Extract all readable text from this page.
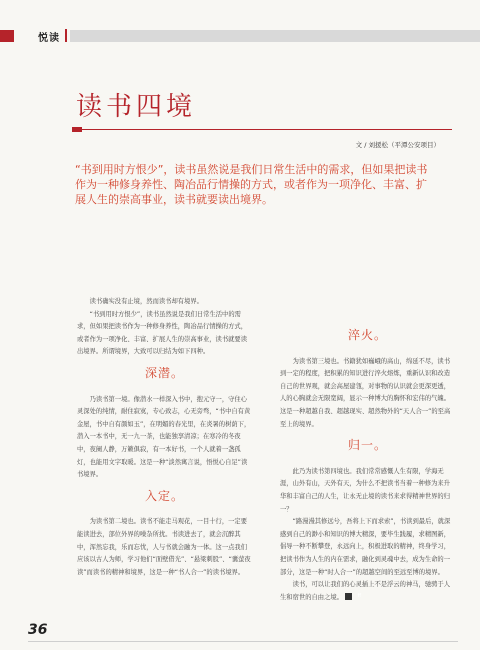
悦读
读书四境
文 / 刘援松（平潭公安项目）
“书到用时方恨少”，读书虽然说是我们日常生活中的需求，但如果把读书作为一种修身养性、陶冶品行情操的方式，或者作为一项净化、丰富、扩展人生的崇高事业，读书就要读出境界。

读书确实没有止境，然而读书却有境界。

“书到用时方恨少”，读书虽然说是我们日常生活中的需求，但如果把读书作为一种修身养性，陶冶品行情操的方式，或者作为一项净化、丰富、扩展人生的崇高事业，读书就要读出境界。所谓境界，大致可以归结为如下四种。

深潜。

乃读书第一境。像潜水一样深入书中，抱元守一，守住心灵深处的纯情，耐住寂寞，专心致志，心无旁骛，“书中自有黄金屋，书中自有颜如玉”，在明媚的春光里，在炎暑的树荫下，潜入一本书中，无一九一茶，也能独享清凉；在寒冷的冬夜中，夜阑人静，万籁俱寂，有一本好书，一个人就着一盏孤灯，也能用文字取暖。这是一种“淡然寓言说，悟悦心自足”读书境界。

入定。

为读书第二境也。读书不能走马观花，一目十行，一定要能读进去，部位外界的噪杂所扰。书读进去了，就会沉醉其中，浑然忘我，乐而忘忧，人与书就会融为一体。这一点我们应该以古人为师，学习他们“面壁借光”、“悬梁刺股”、“囊萤夜读”而读书的精神和境界，这是一种“书人合一”的读书境界。

淬火。

为读书第三境也。书籍犹如巍峨的高山，绵延不尽，读书到一定的程度，把积累的知识进行淬火熔炼，重新认识和改造自己的世界观，就会高屋建瓴，对事物的认识就会更深更透，人的心胸就会无限宽阔，显示一种博大的胸怀和宏伟的气魄。这是一种超越自我、超越现实、超然物外的“天人合一”的至高至上的境界。

归一。

此乃为读书第四境也。我们常常感慨人生有限，学海无涯，山外有山，天外有天，为什么不把读书当着一种修为来升华和丰富自己的人生，让永无止境的读书来求得精神世界的归一？

“路漫漫其修远兮，吾将上下而求索”，书读到最后，就深感到自己的渺小和知识的博大精深，要毕生践履，求精图新，倡导一种不断攀登，永远向上，积极进取的精神，终身学习，把读书作为人生的内在需求，融化到灵魂中去，成为生命的一部分，这是一种“时人合一”的超越空间的至远至博的境界。

读书，可以让我们的心灵插上不是浮云的神马，驰骋于人生和宿世的自由之境。	ff

36
